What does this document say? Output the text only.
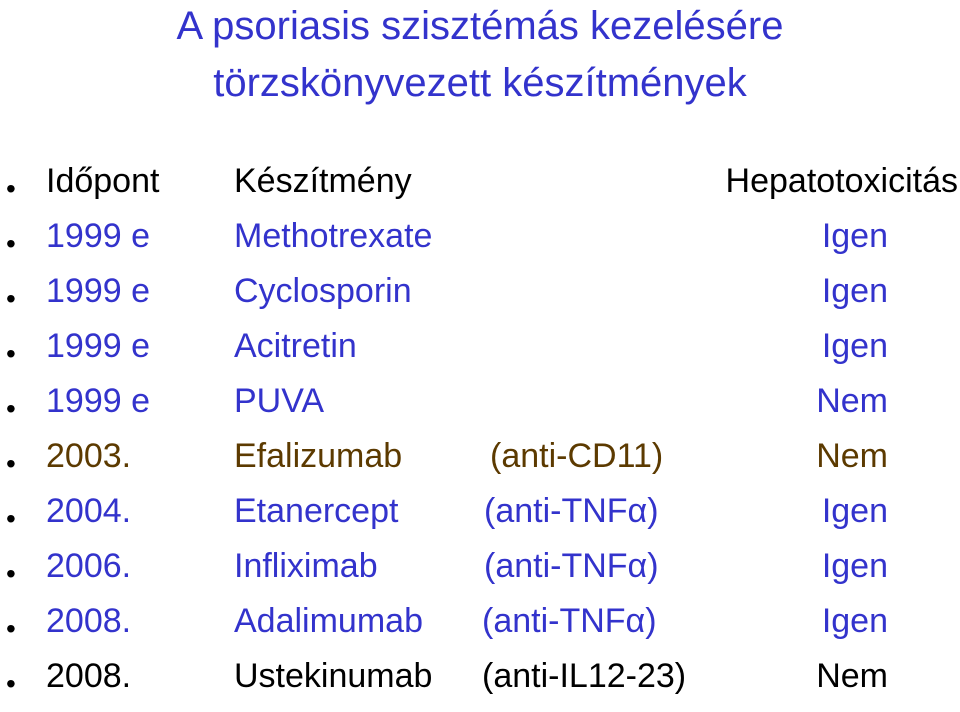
A psoriasis szisztémás kezelésére
törzskönyvezett készítmények
• Időpont Készítmény	Hepatotoxicitás
• 1999 e Methotrexate	Igen
• 1999 e Cyclosporin	Igen
• 1999 e Acitretin	Igen
• 1999 e PUVA	Nem
• 2003.	Efalizumab	(anti-CD11)	Nem
• 2004.	Etanercept	(anti-TNFα)	Igen
• 2006.	Infliximab	(anti-TNFα)	Igen
• 2008.	Adalimumab (anti-TNFα)	Igen
• 2008.	Ustekinumab (anti-IL12-23)	Nem
